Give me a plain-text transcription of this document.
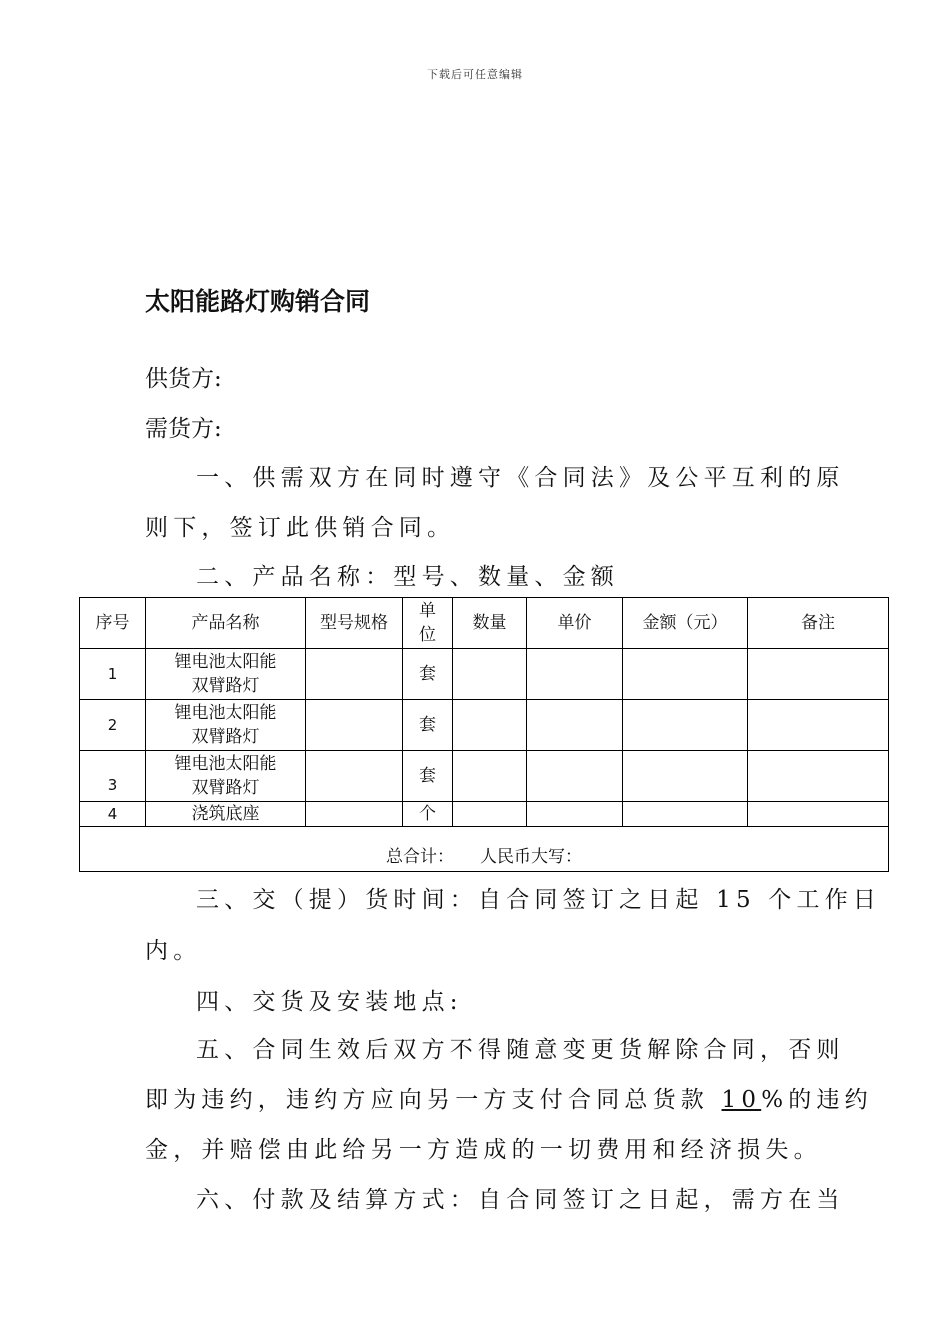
下载后可任意编辑
太阳能路灯购销合同
供货方:
需货方:
一、供需双方在同时遵守《合同法》及公平互利的原
则下，签订此供销合同。
二、产品名称：型号、数量、金额
序号	产品名称	型号规格	单位	数量	单价	金额（元）	备注
1	锂电池太阳能
双臂路灯		套				
2	锂电池太阳能
双臂路灯		套				
3	锂电池太阳能
双臂路灯		套				
4	浇筑底座		个				
总合计： 人民币大写：							
三、交（提）货时间：自合同签订之日起 15 个工作日
内。
四、交货及安装地点:
五、合同生效后双方不得随意变更货解除合同，否则
即为违约，违约方应向另一方支付合同总货款 10%的违约
金，并赔偿由此给另一方造成的一切费用和经济损失。
六、付款及结算方式：自合同签订之日起，需方在当
